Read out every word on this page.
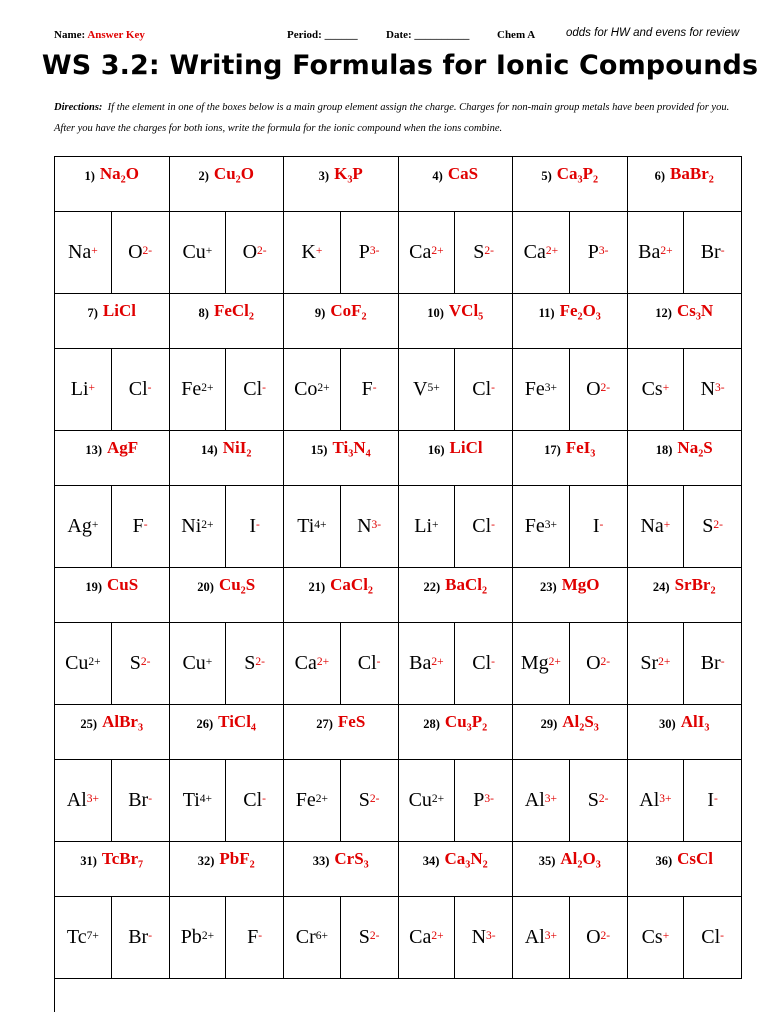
Name: Answer Key	Period: ______	Date: __________	Chem A	odds for HW and evens for review
WS 3.2: Writing Formulas for Ionic Compounds
Directions: If the element in one of the boxes below is a main group element assign the charge. Charges for non-main group metals have been provided for you. After you have the charges for both ions, write the formula for the ionic compound when the ions combine.
1) Na₂O	2) Cu₂O	3) K₃P	4) CaS	5) Ca₃P₂	6) BaBr₂
Na+ $O^{2-}$ Cu+ $O^{2-}$ K+ $P^{3-}$ $Ca^{2+}$ $S^{2-}$ $Ca^{2+}$ $P^{3-}$ $Ba^{2+}$ Br-
7) LiCl	8) FeCl₂	9) CoF₂	10) VCl₅	11) Fe₂O₃	12) Cs₃N
Li+ Cl- $Fe^{2+}$ Cl- $Co^{2+}$ F- $V^{5+}$ Cl- $Fe^{3+}$ $O^{2-}$ Cs+ $N^{3-}$
13) AgF	14) NiI₂	15) Ti₃N₄	16) LiCl	17) FeI₃	18) Na₂S
Ag+ F- $Ni^{2+}$ I- $Ti^{4+}$ $N^{3-}$ Li+ Cl- $Fe^{3+}$ I- Na+ $S^{2-}$
19) CuS	20) Cu₂S	21) CaCl₂	22) BaCl₂	23) MgO	24) SrBr₂
$Cu^{2+}$ $S^{2-}$ Cu+ $S^{2-}$ $Ca^{2+}$ Cl- $Ba^{2+}$ Cl- $Mg^{2+}$ $O^{2-}$ $Sr^{2+}$ Br-
25) AlBr₃	26) TiCl₄	27) FeS	28) Cu₃P₂	29) Al₂S₃	30) AlI₃
$Al^{3+}$ Br- $Ti^{4+}$ Cl- $Fe^{2+}$ $S^{2-}$ $Cu^{2+}$ $P^{3-}$ $Al^{3+}$ $S^{2-}$ $Al^{3+}$ I-
31) TcBr₇	32) PbF₂	33) CrS₃	34) Ca₃N₂	35) Al₂O₃	36) CsCl
$Tc^{7+}$ Br- $Pb^{2+}$ F- $Cr^{6+}$ $S^{2-}$ $Ca^{2+}$ $N^{3-}$ $Al^{3+}$ $O^{2-}$ Cs+ Cl-
